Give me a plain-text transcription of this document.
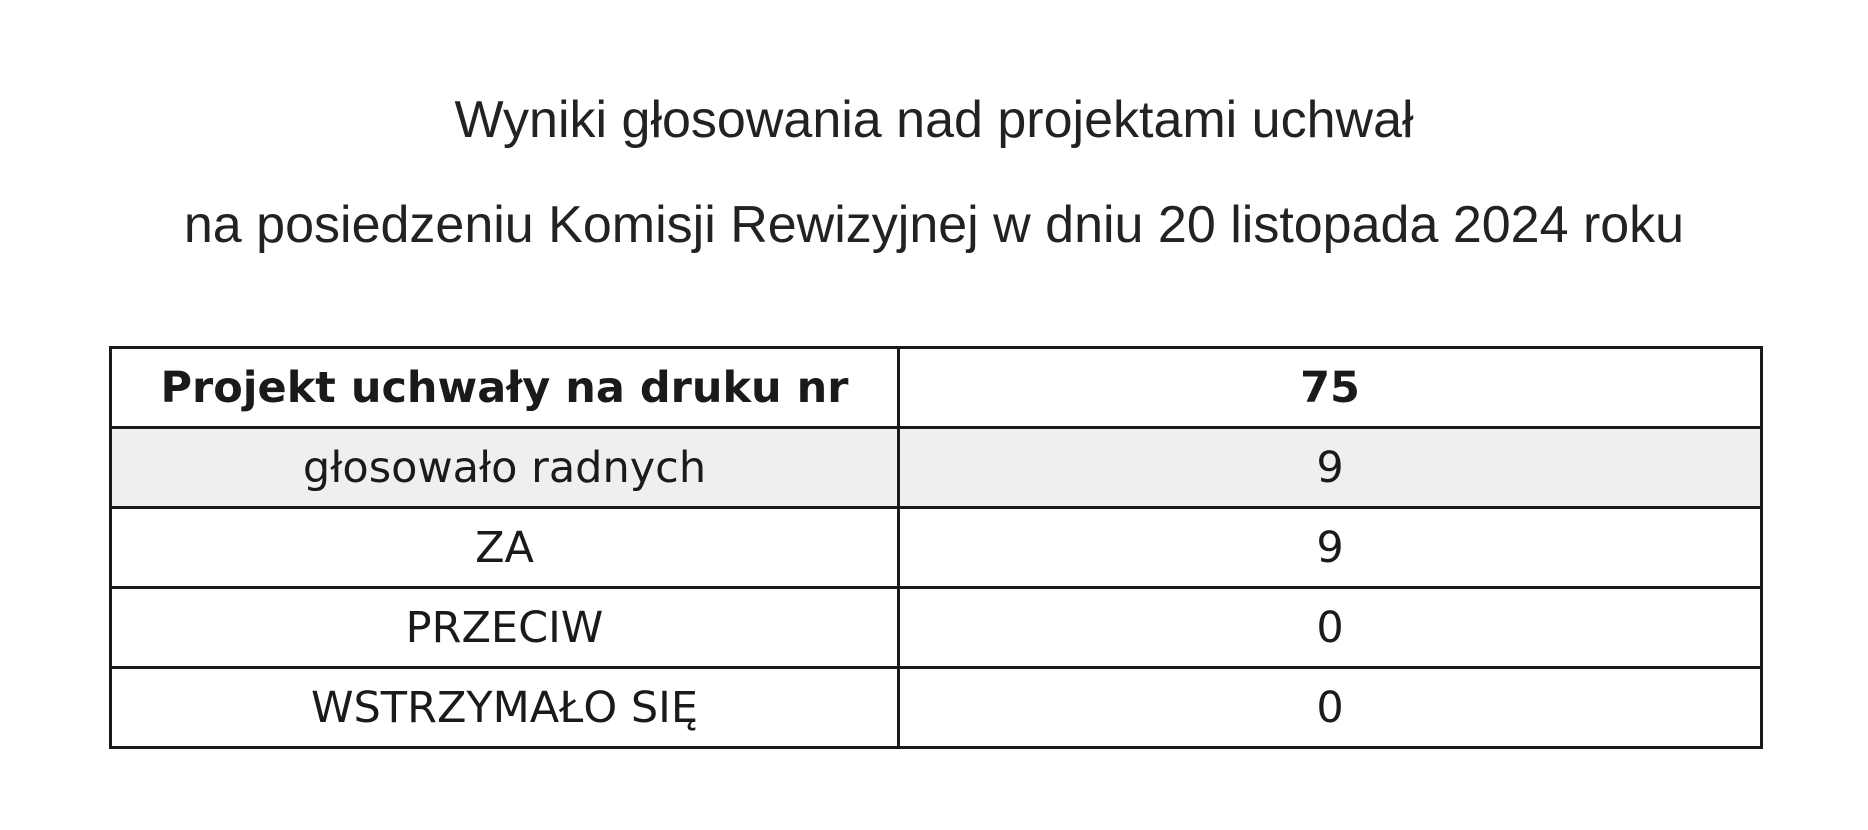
Wyniki głosowania nad projektami uchwał
na posiedzeniu Komisji Rewizyjnej w dniu 20 listopada 2024 roku
Projekt uchwały na druku nr	75
głosowało radnych	9
ZA	9
PRZECIW	0
WSTRZYMAŁO SIĘ	0
